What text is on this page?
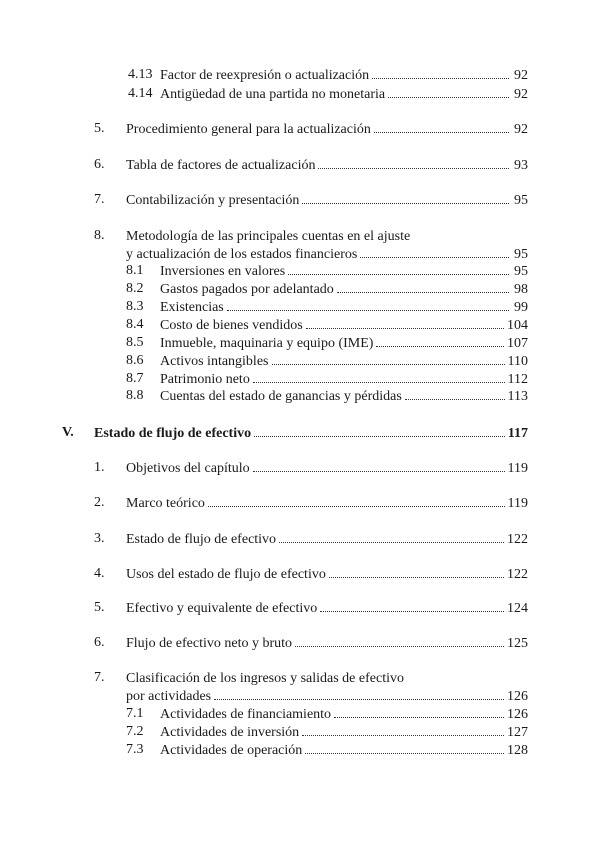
4.13 Factor de reexpresión o actualización	92
4.14 Antigüedad de una partida no monetaria	92
5. Procedimiento general para la actualización	92
6. Tabla de factores de actualización	93
7. Contabilización y presentación	95
8. Metodología de las principales cuentas en el ajuste
y actualización de los estados financieros	95
8.1 Inversiones en valores	95
8.2 Gastos pagados por adelantado	98
8.3 Existencias	99
8.4 Costo de bienes vendidos	104
8.5 Inmueble, maquinaria y equipo (IME)	107
8.6 Activos intangibles	110
8.7 Patrimonio neto	112
8.8 Cuentas del estado de ganancias y pérdidas	113
V. Estado de flujo de efectivo	117
1. Objetivos del capítulo	119
2. Marco teórico	119
3. Estado de flujo de efectivo	122
4. Usos del estado de flujo de efectivo	122
5. Efectivo y equivalente de efectivo	124
6. Flujo de efectivo neto y bruto	125
7. Clasificación de los ingresos y salidas de efectivo
por actividades	126
7.1 Actividades de financiamiento	126
7.2 Actividades de inversión	127
7.3 Actividades de operación	128
